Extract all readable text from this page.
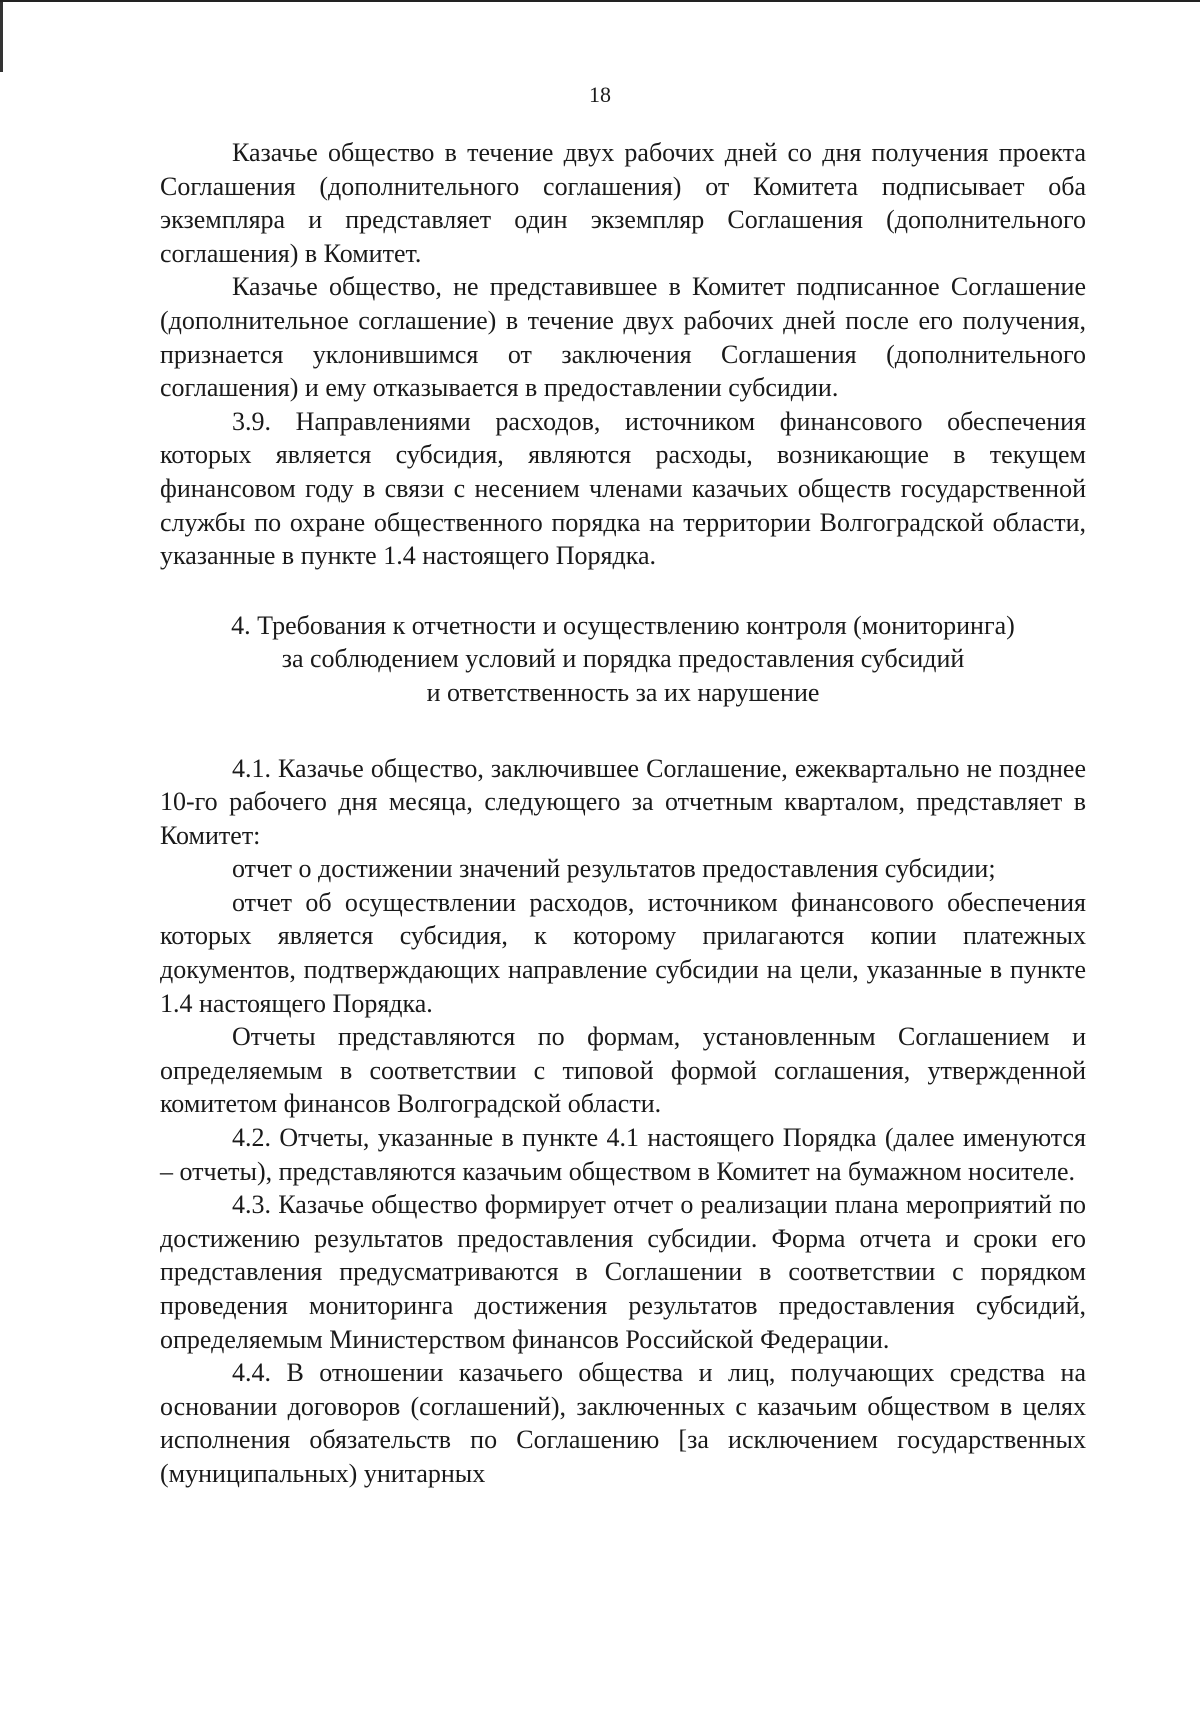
18

Казачье общество в течение двух рабочих дней со дня получения проекта Соглашения (дополнительного соглашения) от Комитета подписывает оба экземпляра и представляет один экземпляр Соглашения (дополнительного соглашения) в Комитет.

Казачье общество, не представившее в Комитет подписанное Соглашение (дополнительное соглашение) в течение двух рабочих дней после его получения, признается уклонившимся от заключения Соглашения (дополнительного соглашения) и ему отказывается в предоставлении субсидии.

3.9. Направлениями расходов, источником финансового обеспечения которых является субсидия, являются расходы, возникающие в текущем финансовом году в связи с несением членами казачьих обществ государственной службы по охране общественного порядка на территории Волгоградской области, указанные в пункте 1.4 настоящего Порядка.

4. Требования к отчетности и осуществлению контроля (мониторинга)
за соблюдением условий и порядка предоставления субсидий
и ответственность за их нарушение

4.1. Казачье общество, заключившее Соглашение, ежеквартально не позднее 10-го рабочего дня месяца, следующего за отчетным кварталом, представляет в Комитет:

отчет о достижении значений результатов предоставления субсидии;

отчет об осуществлении расходов, источником финансового обеспечения которых является субсидия, к которому прилагаются копии платежных документов, подтверждающих направление субсидии на цели, указанные в пункте 1.4 настоящего Порядка.

Отчеты представляются по формам, установленным Соглашением и определяемым в соответствии с типовой формой соглашения, утвержденной комитетом финансов Волгоградской области.

4.2. Отчеты, указанные в пункте 4.1 настоящего Порядка (далее именуются – отчеты), представляются казачьим обществом в Комитет на бумажном носителе.

4.3. Казачье общество формирует отчет о реализации плана мероприятий по достижению результатов предоставления субсидии. Форма отчета и сроки его представления предусматриваются в Соглашении в соответствии с порядком проведения мониторинга достижения результатов предоставления субсидий, определяемым Министерством финансов Российской Федерации.

4.4. В отношении казачьего общества и лиц, получающих средства на основании договоров (соглашений), заключенных с казачьим обществом в целях исполнения обязательств по Соглашению [за исключением государственных (муниципальных) унитарных
